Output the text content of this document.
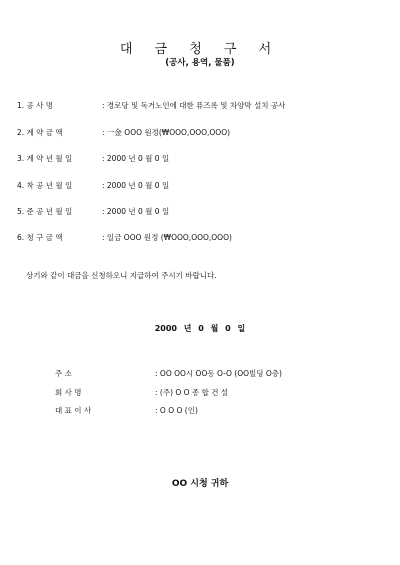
대 금 청 구 서
(공사, 용역, 물품)
1. 공 사 명	: 경로당 및 독거노인에 대한 퓨즈록 및 차양막 설치 공사
2. 계 약 금 액	: 一金 OOO 원정(₩OOO,OOO,OOO)
3. 계 약 년 월 일	: 2000 년 0 월 0 일
4. 착 공 년 월 일	: 2000 년 0 월 0 일
5. 준 공 년 월 일	: 2000 년 0 월 0 일
6. 청 구 금 액	: 일금 OOO 원정 (₩OOO,OOO,OOO)
상기와 같이 대금을 신청하오니 지급하여 주시기 바랍니다.
2000 년 0 월 0 일
주 소	: OO OO시 OO동 O-O (OO빌딩 O층)
회 사 명	: (주) O O 종 합 건 설
대 표 이 사	: O O O (인)
OO 시청 귀하
